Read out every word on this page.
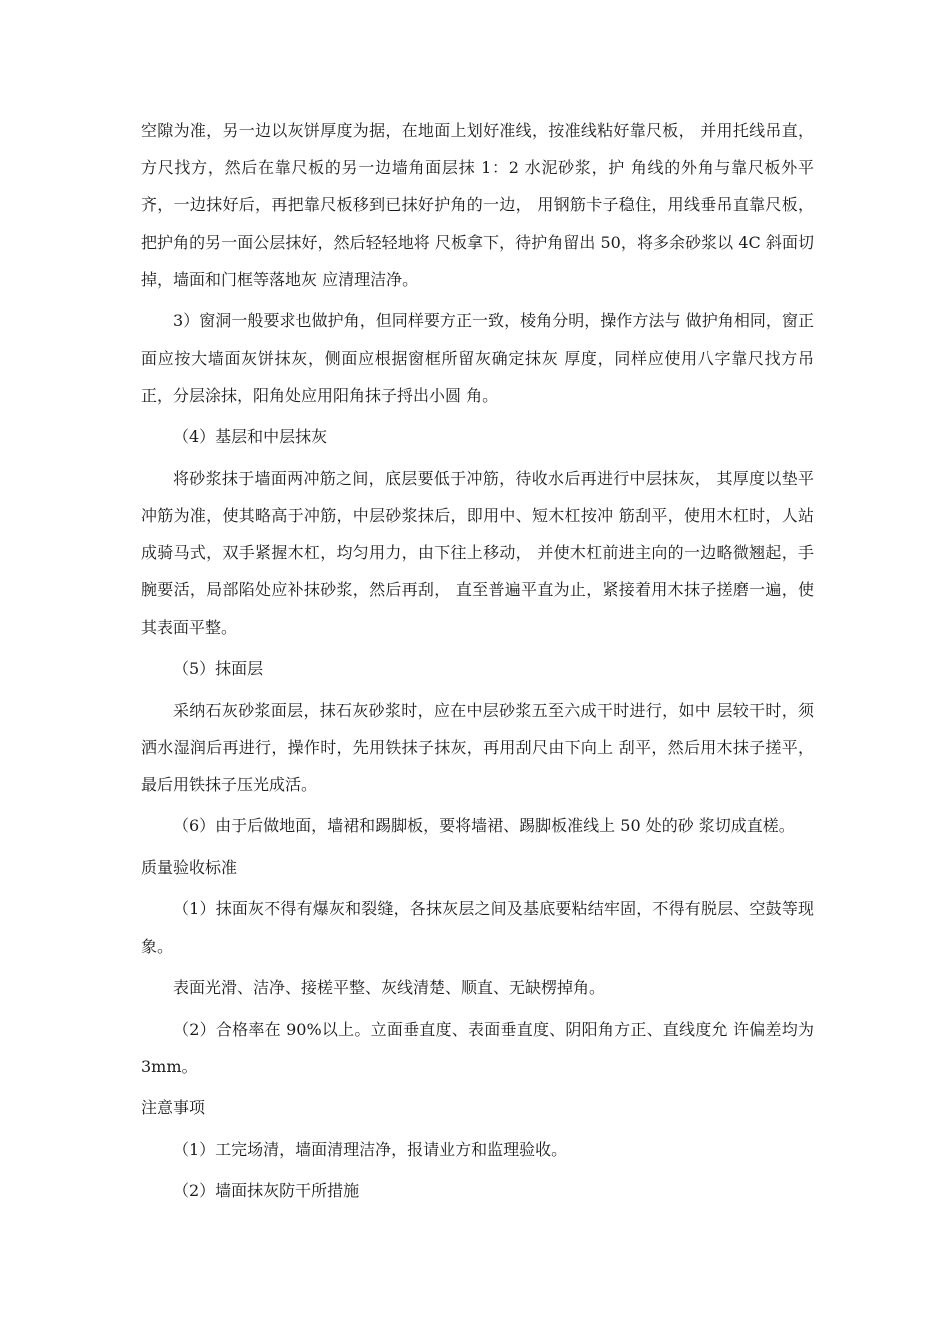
空隙为准，另一边以灰饼厚度为据，在地面上划好准线，按准线粘好靠尺板， 并用托线吊直，方尺找方，然后在靠尺板的另一边墙角面层抹 1：2 水泥砂浆，护 角线的外角与靠尺板外平齐，一边抹好后，再把靠尺板移到已抹好护角的一边， 用钢筋卡子稳住，用线垂吊直靠尺板，把护角的另一面公层抹好，然后轻轻地将 尺板拿下，待护角留出 50，将多余砂浆以 4C 斜面切掉，墙面和门框等落地灰 应清理洁净。

3）窗洞一般要求也做护角，但同样要方正一致，棱角分明，操作方法与 做护角相同，窗正面应按大墙面灰饼抹灰，侧面应根据窗框所留灰确定抹灰 厚度，同样应使用八字靠尺找方吊正，分层涂抹，阳角处应用阳角抹子捋出小圆 角。

（4）基层和中层抹灰

将砂浆抹于墙面两冲筋之间，底层要低于冲筋，待收水后再进行中层抹灰， 其厚度以垫平冲筋为准，使其略高于冲筋，中层砂浆抹后，即用中、短木杠按冲 筋刮平，使用木杠时，人站成骑马式，双手紧握木杠，均匀用力，由下往上移动， 并使木杠前进主向的一边略微翘起，手腕要活，局部陷处应补抹砂浆，然后再刮， 直至普遍平直为止，紧接着用木抹子搓磨一遍，使其表面平整。

（5）抹面层

采纳石灰砂浆面层，抹石灰砂浆时，应在中层砂浆五至六成干时进行，如中 层较干时，须洒水湿润后再进行，操作时，先用铁抹子抹灰，再用刮尺由下向上 刮平，然后用木抹子搓平，最后用铁抹子压光成活。

（6）由于后做地面，墙裙和踢脚板，要将墙裙、踢脚板准线上 50 处的砂 浆切成直槎。

质量验收标准

（1）抹面灰不得有爆灰和裂缝，各抹灰层之间及基底要粘结牢固，不得有脱层、空鼓等现象。

表面光滑、洁净、接槎平整、灰线清楚、顺直、无缺楞掉角。

（2）合格率在 90%以上。立面垂直度、表面垂直度、阴阳角方正、直线度允 许偏差均为 3mm。

注意事项

（1）工完场清，墙面清理洁净，报请业方和监理验收。

（2）墙面抹灰防干所措施
